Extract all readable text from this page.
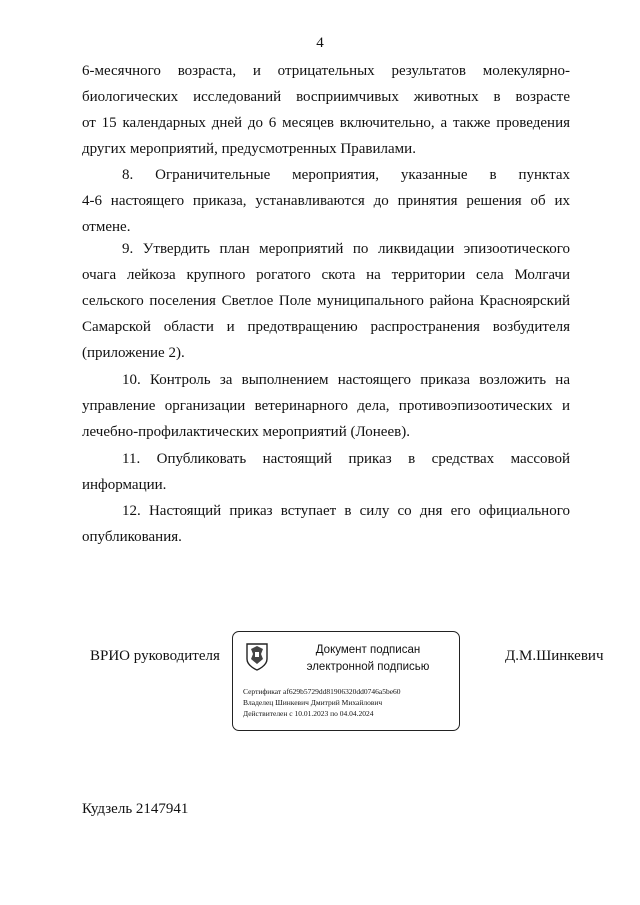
4
6-месячного возраста, и отрицательных результатов молекулярно-
биологических исследований восприимчивых животных в возрасте
от 15 календарных дней до 6 месяцев включительно, а также проведения
других мероприятий, предусмотренных Правилами.
8. Ограничительные мероприятия, указанные в пунктах
4-6 настоящего приказа, устанавливаются до принятия решения об их
отмене.
9. Утвердить план мероприятий по ликвидации эпизоотического
очага лейкоза крупного рогатого скота на территории села Молгачи
сельского поселения Светлое Поле муниципального района Красноярский
Самарской области и предотвращению распространения возбудителя
(приложение 2).
10. Контроль за выполнением настоящего приказа возложить на
управление организации ветеринарного дела, противоэпизоотических и
лечебно-профилактических мероприятий (Лонеев).
11. Опубликовать настоящий приказ в средствах массовой
информации.
12. Настоящий приказ вступает в силу со дня его официального
опубликования.
ВРИО руководителя	Документ подписан
электронной подписью
Сертификат af629b5729dd81906320dd0746a5be60
Владелец Шинкевич Дмитрий Михайлович
Действителен с 10.01.2023 по 04.04.2024
Д.М.Шинкевич
Кудзель 2147941
